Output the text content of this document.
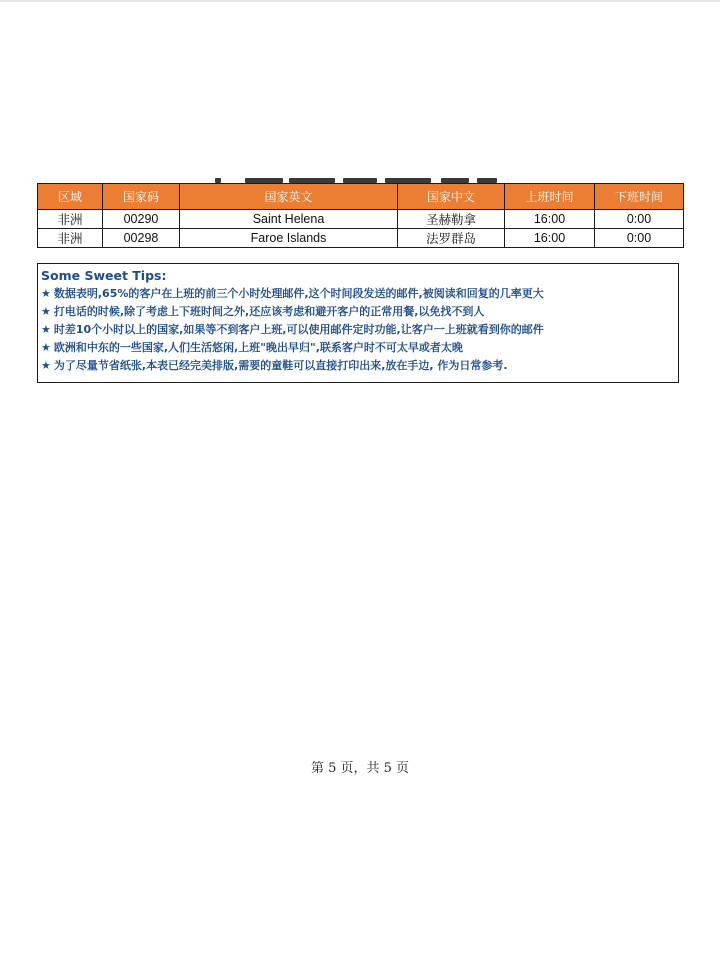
区域	国家码	国家英文	国家中文	上班时间	下班时间
非洲	00290	Saint Helena	圣赫勒拿	16:00	0:00
非洲	00298	Faroe Islands	法罗群岛	16:00	0:00
Some Sweet Tips:
★ 数据表明,65%的客户在上班的前三个小时处理邮件,这个时间段发送的邮件,被阅读和回复的几率更大
★ 打电话的时候,除了考虑上下班时间之外,还应该考虑和避开客户的正常用餐,以免找不到人
★ 时差10个小时以上的国家,如果等不到客户上班,可以使用邮件定时功能,让客户一上班就看到你的邮件
★ 欧洲和中东的一些国家,人们生活悠闲,上班"晚出早归",联系客户时不可太早或者太晚
★ 为了尽量节省纸张,本表已经完美排版,需要的童鞋可以直接打印出来,放在手边, 作为日常参考.
第 5 页，共 5 页
